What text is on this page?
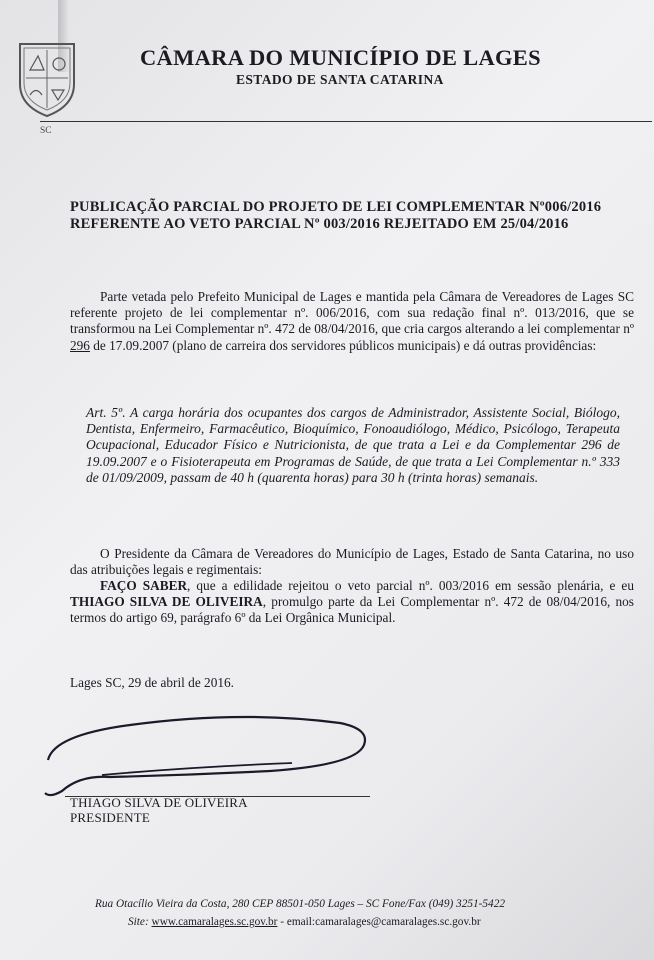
CÂMARA DO MUNICÍPIO DE LAGES
ESTADO DE SANTA CATARINA
SC
PUBLICAÇÃO PARCIAL DO PROJETO DE LEI COMPLEMENTAR Nº006/2016
REFERENTE AO VETO PARCIAL Nº 003/2016 REJEITADO EM 25/04/2016
Parte vetada pelo Prefeito Municipal de Lages e mantida pela Câmara de Vereadores de Lages SC referente projeto de lei complementar nº. 006/2016, com sua redação final nº. 013/2016, que se transformou na Lei Complementar nº. 472 de 08/04/2016, que cria cargos alterando a lei complementar nº 296 de 17.09.2007 (plano de carreira dos servidores públicos municipais) e dá outras providências:
Art. 5º. A carga horária dos ocupantes dos cargos de Administrador, Assistente Social, Biólogo, Dentista, Enfermeiro, Farmacêutico, Bioquímico, Fonoaudiólogo, Médico, Psicólogo, Terapeuta Ocupacional, Educador Físico e Nutricionista, de que trata a Lei e da Complementar 296 de 19.09.2007 e o Fisioterapeuta em Programas de Saúde, de que trata a Lei Complementar n.º 333 de 01/09/2009, passam de 40 h (quarenta horas) para 30 h (trinta horas) semanais.
O Presidente da Câmara de Vereadores do Município de Lages, Estado de Santa Catarina, no uso das atribuições legais e regimentais:
FAÇO SABER, que a edilidade rejeitou o veto parcial nº. 003/2016 em sessão plenária, e eu THIAGO SILVA DE OLIVEIRA, promulgo parte da Lei Complementar nº. 472 de 08/04/2016, nos termos do artigo 69, parágrafo 6º da Lei Orgânica Municipal.
Lages SC, 29 de abril de 2016.
THIAGO SILVA DE OLIVEIRA
PRESIDENTE
Rua Otacílio Vieira da Costa, 280 CEP 88501-050 Lages – SC Fone/Fax (049) 3251-5422
Site: www.camaralages.sc.gov.br - email:camaralages@camaralages.sc.gov.br
